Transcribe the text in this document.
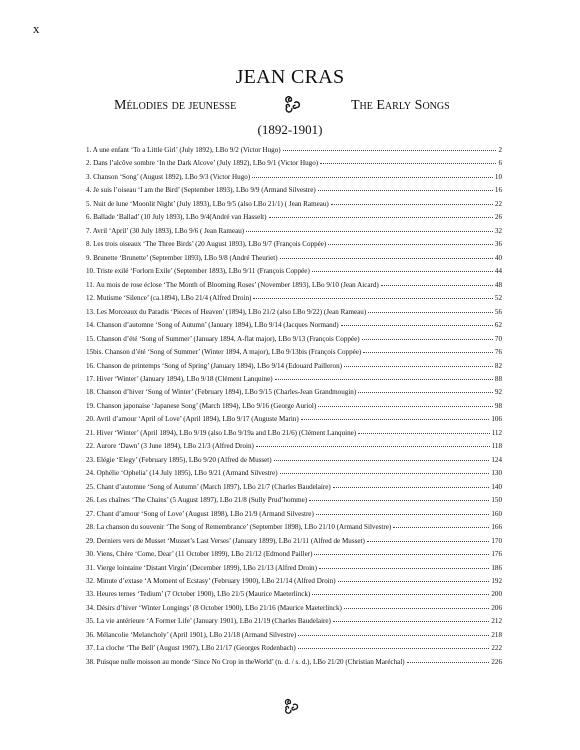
x
JEAN CRAS
Mélodies de jeunesse	The Early Songs
(1892-1901)
1. A une enfant ‘To a Little Girl’ (July 1892), LBo 9/2 (Victor Hugo)	2
2. Dans l’alcôve sombre ‘In the Dark Alcove’ (July 1892), LBo 9/1 (Victor Hugo)	6
3. Chanson ‘Song’ (August 1892), LBo 9/3 (Victor Hugo)	10
4. Je suis l’oiseau ‘I am the Bird’ (September 1893), LBo 9/9 (Armand Silvestre)	16
5. Nuit de lune ‘Moonlit Night’ (July 1893), LBo 9/5 (also LBo 21/1) ( Jean Rameau)	22
6. Ballade ‘Ballad’ (10 July 1893), LBo 9/4(André van Hasselt)	26
7. Avril ‘April’ (30 July 1893), LBo 9/6 ( Jean Rameau)	32
8. Les trois oiseaux ‘The Three Birds’ (20 August 1893), LBo 9/7 (François Coppée)	36
9. Brunette ‘Brunette’ (September 1893), LBo 9/8 (André Theuriet)	40
10. Triste exilé ‘Forlorn Exile’ (September 1893), LBo 9/11 (François Coppée)	44
11. Au mois de rose éclose ‘The Month of Blooming Roses’ (November 1893), LBo 9/10 (Jean Aicard)	48
12. Mutisme ‘Silence’ (ca.1894), LBo 21/4 (Alfred Droin)	52
13. Les Morceaux du Paradis ‘Pieces of Heaven’ (1894), LBo 21/2 (also LBo 9/22) (Jean Rameau)	56
14. Chanson d’automne ‘Song of Autumn’ (January 1894), LBo 9/14 (Jacques Normand)	62
15. Chanson d’été ‘Song of Summer’ (January 1894, A-flat major), LBo 9/13 (François Coppée)	70
15bis. Chanson d’été ‘Song of Summer’ (Winter 1894, A major), LBo 9/13bis (François Coppée)	76
16. Chanson de printemps ‘Song of Spring’ (January 1894), LBo 9/14 (Edouard Pailleron)	82
17. Hiver ‘Winter’ (January 1894), LBo 9/18 (Clément Lanquine)	88
18. Chanson d’hiver ‘Song of Winter’ (February 1894), LBo 9/15 (Charles-Jean Grandmougin)	92
19. Chanson japonaise ‘Japanese Song’ (March 1894), LBo 9/16 (George Auriol)	98
20. Avril d’amour ‘April of Love’ (April 1894), LBo 9/17 (Auguste Marin)	106
21. Hiver ‘Winter’ (April 1894), LBo 9/19 (also LBo 9/19a and LBo 21/6) (Clément Lanquine)	112
22. Aurore ‘Dawn’ (3 June 1894), LBo 21/3 (Alfred Droin)	118
23. Elégie ‘Elegy’ (February 1895), LBo 9/20 (Alfred de Musset)	124
24. Ophélie ‘Ophelia’ (14 July 1895), LBo 9/21 (Armand Silvestre)	130
25. Chant d’automne ‘Song of Autumn’ (March 1897), LBo 21/7 (Charles Baudelaire)	140
26. Les chaînes ‘The Chains’ (5 August 1897), LBo 21/8 (Sully Prud’homme)	150
27. Chant d’amour ‘Song of Love’ (August 1898), LBo 21/9 (Armand Silvestre)	160
28. La chanson du souvenir ‘The Song of Remembrance’ (September 1898), LBo 21/10 (Armand Silvestre)	166
29. Derniers vers de Musset ‘Musset’s Last Verses’ (January 1899), LBo 21/11 (Alfred de Musset)	170
30. Viens, Chère ‘Come, Dear’ (11 October 1899), LBo 21/12 (Edmond Pailler)	176
31. Vierge lointaine ‘Distant Virgin’ (December 1899), LBo 21/13 (Alfred Droin)	186
32. Minute d’extase ‘A Moment of Ecstasy’ (February 1900), LBo 21/14 (Alfred Droin)	192
33. Heures ternes ‘Tedium’ (7 October 1900), LBo 21/5 (Maurice Maeterlinck)	200
34. Désirs d’hiver ‘Winter Longings’ (8 October 1900), LBo 21/16 (Maurice Maeterlinck)	206
35. La vie antérieure ‘A Former Life’ (January 1901), LBo 21/19 (Charles Baudelaire)	212
36. Mélancolie ‘Melancholy’ (April 1901), LBo 21/18 (Armand Silvestre)	218
37. La cloche ‘The Bell’ (August 1907), LBo 21/17 (Georges Rodenbach)	222
38. Puisque nulle moisson au monde ‘Since No Crop in theWorld’ (n. d. / s. d.), LBo 21/20 (Christian Maréchal)	226
